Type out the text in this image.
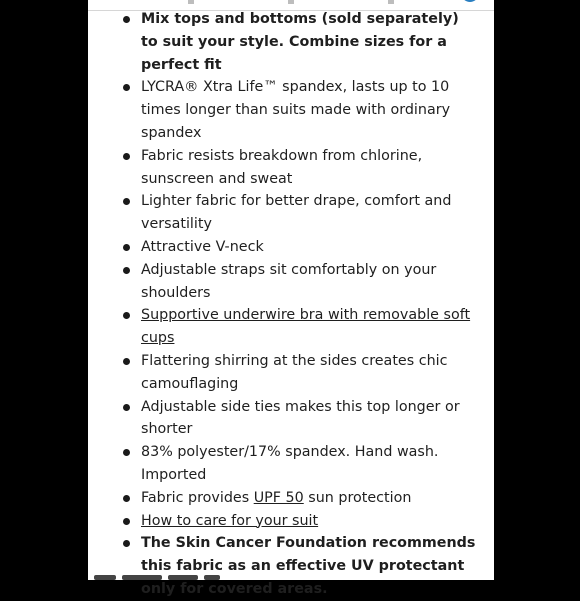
Mix tops and bottoms (sold separately) to suit your style. Combine sizes for a perfect fit
LYCRA® Xtra Life™ spandex, lasts up to 10 times longer than suits made with ordinary spandex
Fabric resists breakdown from chlorine, sunscreen and sweat
Lighter fabric for better drape, comfort and versatility
Attractive V-neck
Adjustable straps sit comfortably on your shoulders
Supportive underwire bra with removable soft cups
Flattering shirring at the sides creates chic camouflaging
Adjustable side ties makes this top longer or shorter
83% polyester/17% spandex. Hand wash. Imported
Fabric provides UPF 50 sun protection
How to care for your suit
The Skin Cancer Foundation recommends this fabric as an effective UV protectant only for covered areas.
